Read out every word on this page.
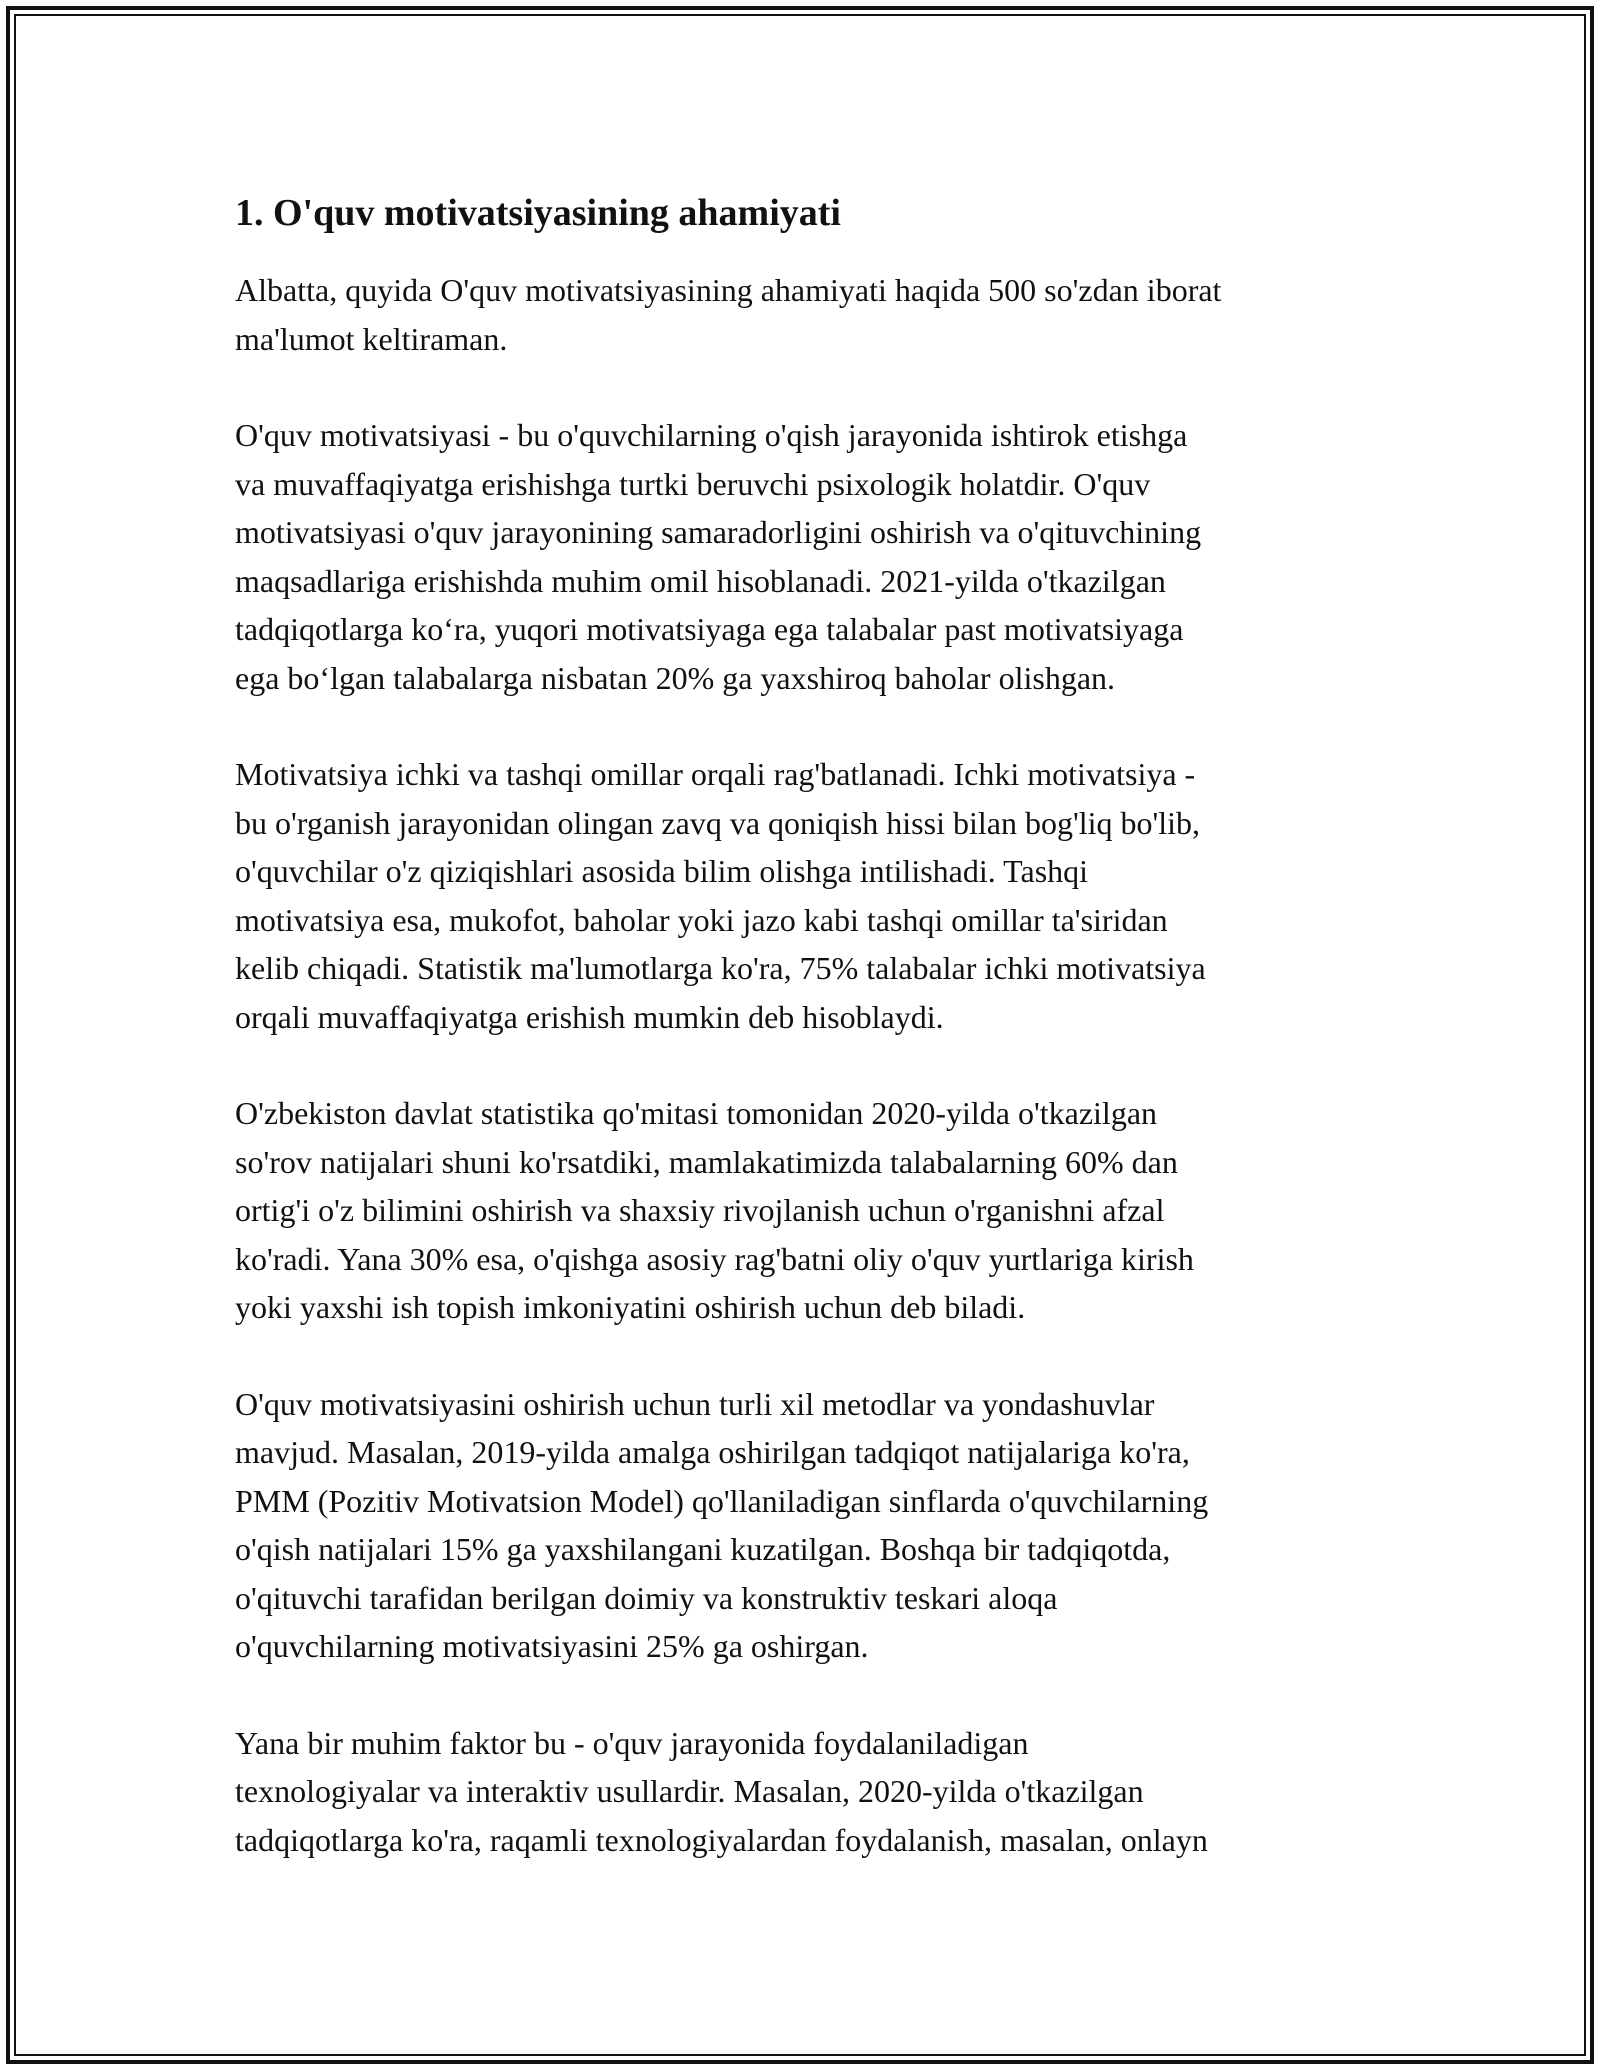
1. O'quv motivatsiyasining ahamiyati

Albatta, quyida O'quv motivatsiyasining ahamiyati haqida 500 so'zdan iborat
ma'lumot keltiraman.

O'quv motivatsiyasi - bu o'quvchilarning o'qish jarayonida ishtirok etishga
va muvaffaqiyatga erishishga turtki beruvchi psixologik holatdir. O'quv
motivatsiyasi o'quv jarayonining samaradorligini oshirish va o'qituvchining
maqsadlariga erishishda muhim omil hisoblanadi. 2021-yilda o'tkazilgan
tadqiqotlarga ko‘ra, yuqori motivatsiyaga ega talabalar past motivatsiyaga
ega bo‘lgan talabalarga nisbatan 20% ga yaxshiroq baholar olishgan.

Motivatsiya ichki va tashqi omillar orqali rag'batlanadi. Ichki motivatsiya -
bu o'rganish jarayonidan olingan zavq va qoniqish hissi bilan bog'liq bo'lib,
o'quvchilar o'z qiziqishlari asosida bilim olishga intilishadi. Tashqi
motivatsiya esa, mukofot, baholar yoki jazo kabi tashqi omillar ta'siridan
kelib chiqadi. Statistik ma'lumotlarga ko'ra, 75% talabalar ichki motivatsiya
orqali muvaffaqiyatga erishish mumkin deb hisoblaydi.

O'zbekiston davlat statistika qo'mitasi tomonidan 2020-yilda o'tkazilgan
so'rov natijalari shuni ko'rsatdiki, mamlakatimizda talabalarning 60% dan
ortig'i o'z bilimini oshirish va shaxsiy rivojlanish uchun o'rganishni afzal
ko'radi. Yana 30% esa, o'qishga asosiy rag'batni oliy o'quv yurtlariga kirish
yoki yaxshi ish topish imkoniyatini oshirish uchun deb biladi.

O'quv motivatsiyasini oshirish uchun turli xil metodlar va yondashuvlar
mavjud. Masalan, 2019-yilda amalga oshirilgan tadqiqot natijalariga ko'ra,
PMM (Pozitiv Motivatsion Model) qo'llaniladigan sinflarda o'quvchilarning
o'qish natijalari 15% ga yaxshilangani kuzatilgan. Boshqa bir tadqiqotda,
o'qituvchi tarafidan berilgan doimiy va konstruktiv teskari aloqa
o'quvchilarning motivatsiyasini 25% ga oshirgan.

Yana bir muhim faktor bu - o'quv jarayonida foydalaniladigan
texnologiyalar va interaktiv usullardir. Masalan, 2020-yilda o'tkazilgan
tadqiqotlarga ko'ra, raqamli texnologiyalardan foydalanish, masalan, onlayn
